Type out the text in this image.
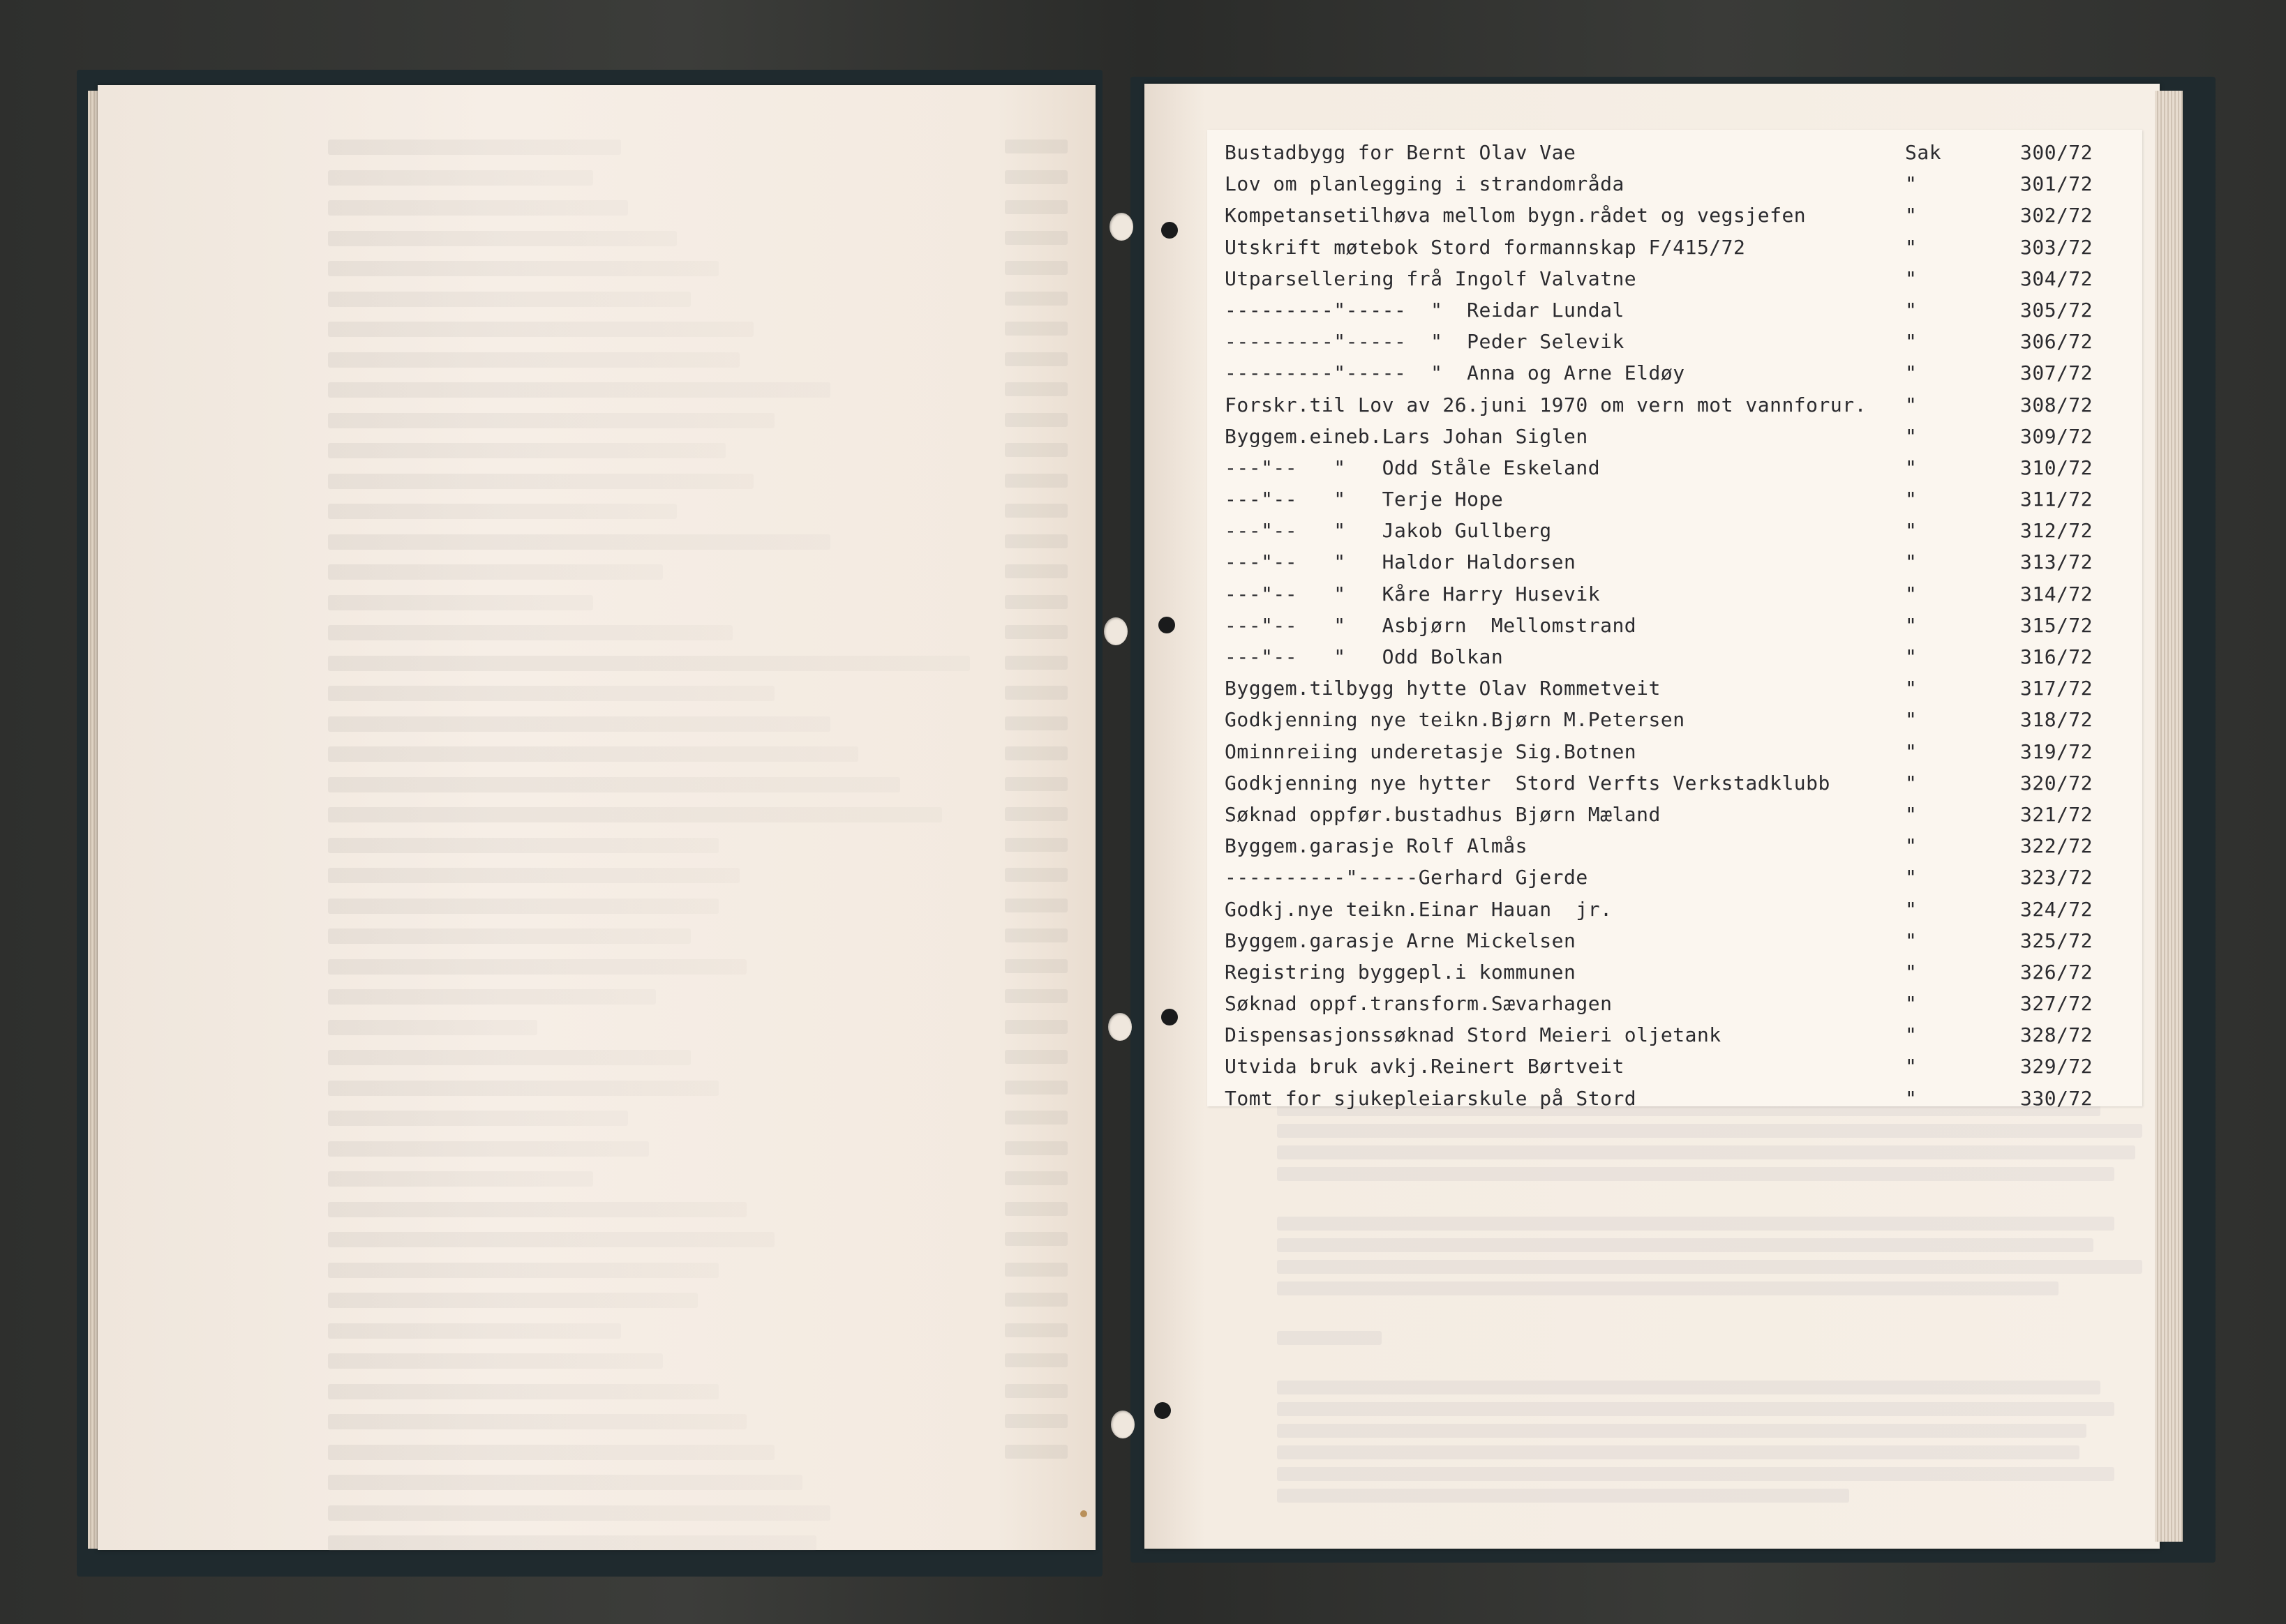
Bustadbygg for Bernt Olav Vae	Sak	300/72
Lov om planlegging i strandområda	"	301/72
Kompetansetilhøva mellom bygn.rådet og vegsjefen	"	302/72
Utskrift møtebok Stord formannskap F/415/72	"	303/72
Utparsellering frå Ingolf Valvatne	"	304/72
---------"-----  "  Reidar Lundal	"	305/72
---------"-----  "  Peder Selevik	"	306/72
---------"-----  "  Anna og Arne Eldøy	"	307/72
Forskr.til Lov av 26.juni 1970 om vern mot vannforur. "	308/72
Byggem.eineb.Lars Johan Siglen	"	309/72
---"--   "   Odd Ståle Eskeland	"	310/72
---"--   "   Terje Hope	"	311/72
---"--   "   Jakob Gullberg	"	312/72
---"--   "   Haldor Haldorsen	"	313/72
---"--   "   Kåre Harry Husevik	"	314/72
---"--   "   Asbjørn  Mellomstrand	"	315/72
---"--   "   Odd Bolkan	"	316/72
Byggem.tilbygg hytte Olav Rommetveit	"	317/72
Godkjenning nye teikn.Bjørn M.Petersen	"	318/72
Ominnreiing underetasje Sig.Botnen	"	319/72
Godkjenning nye hytter  Stord Verfts Verkstadklubb	"	320/72
Søknad oppfør.bustadhus Bjørn Mæland	"	321/72
Byggem.garasje Rolf Almås	"	322/72
----------"-----Gerhard Gjerde	"	323/72
Godkj.nye teikn.Einar Hauan  jr.	"	324/72
Byggem.garasje Arne Mickelsen	"	325/72
Registring byggepl.i kommunen	"	326/72
Søknad oppf.transform.Sævarhagen	"	327/72
Dispensasjonssøknad Stord Meieri oljetank	"	328/72
Utvida bruk avkj.Reinert Børtveit	"	329/72
Tomt for sjukepleiarskule på Stord	"	330/72
